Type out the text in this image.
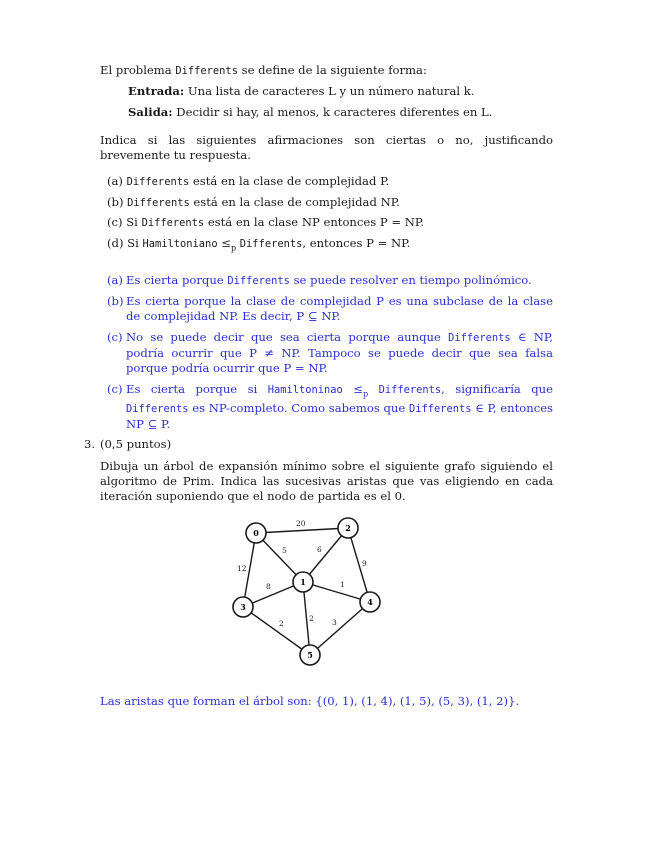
El problema Differents se define de la siguiente forma:
Entrada: Una lista de caracteres L y un número natural k.
Salida: Decidir si hay, al menos, k caracteres diferentes en L.
Indica si las siguientes afirmaciones son ciertas o no, justificando brevemente tu respuesta.
(a) Differents está en la clase de complejidad P.
(b) Differents está en la clase de complejidad NP.
(c) Si Differents está en la clase NP entonces P = NP.
(d) Si Hamiltoniano $\le_p$ Differents, entonces P = NP.
(a) Es cierta porque Differents se puede resolver en tiempo polinómico.
(b) Es cierta porque la clase de complejidad P es una subclase de la clase de complejidad NP. Es decir, P ⊆ NP.
(c) No se puede decir que sea cierta porque aunque Differents ∈ NP, podría ocurrir que P ≠ NP. Tampoco se puede decir que sea falsa porque podría ocurrir que P = NP.
(c) Es cierta porque si Hamiltoninao $\le_p$ Differents, significaría que Differents es NP-completo. Como sabemos que Differents ∈ P, entonces NP ⊆ P.
3. (0,5 puntos)
Dibuja un árbol de expansión mínimo sobre el siguiente grafo siguiendo el algoritmo de Prim. Indica las sucesivas aristas que vas eligiendo en cada iteración suponiendo que el nodo de partida es el 0.
20
5	6
9
12
8	1
2
2 3
0	2
1
3	4
5
Las aristas que forman el árbol son: {(0, 1), (1, 4), (1, 5), (5, 3), (1, 2)}.
